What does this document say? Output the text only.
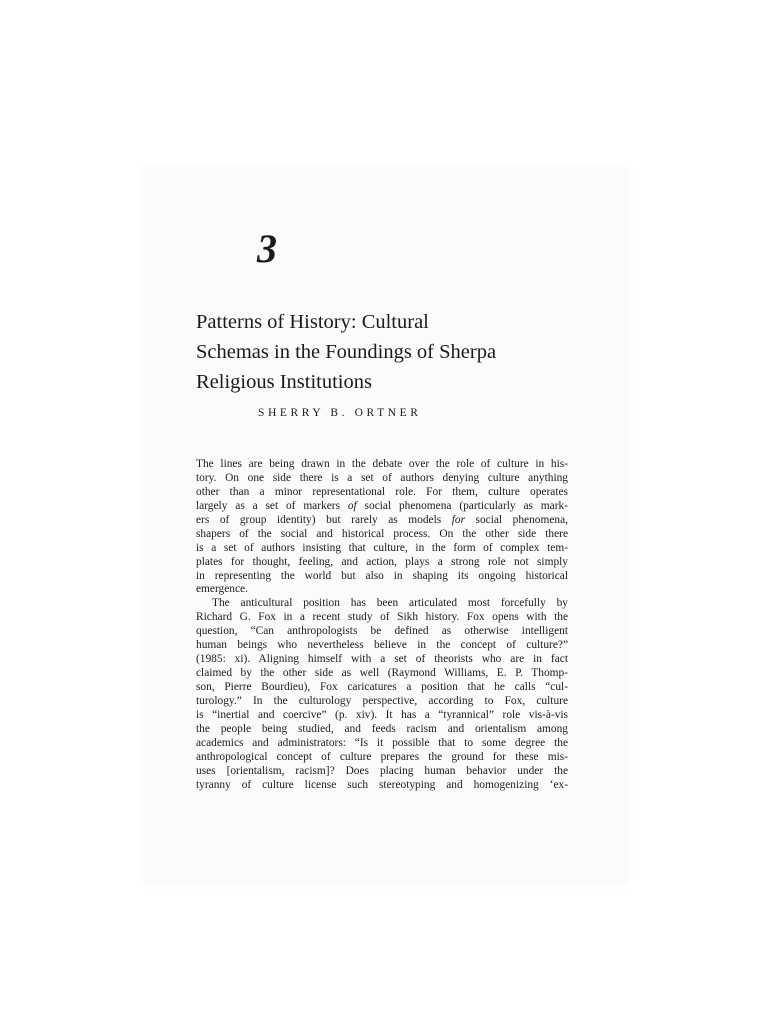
3
Patterns of History: Cultural
Schemas in the Foundings of Sherpa
Religious Institutions

SHERRY B. ORTNER

The lines are being drawn in the debate over the role of culture in his-
tory. On one side there is a set of authors denying culture anything
other than a minor representational role. For them, culture operates
largely as a set of markers of social phenomena (particularly as mark-
ers of group identity) but rarely as models for social phenomena,
shapers of the social and historical process. On the other side there
is a set of authors insisting that culture, in the form of complex tem-
plates for thought, feeling, and action, plays a strong role not simply
in representing the world but also in shaping its ongoing historical
emergence.
The anticultural position has been articulated most forcefully by
Richard G. Fox in a recent study of Sikh history. Fox opens with the
question, “Can anthropologists be defined as otherwise intelligent
human beings who nevertheless believe in the concept of culture?”
(1985: xi). Aligning himself with a set of theorists who are in fact
claimed by the other side as well (Raymond Williams, E. P. Thomp-
son, Pierre Bourdieu), Fox caricatures a position that he calls “cul-
turology.” In the culturology perspective, according to Fox, culture
is “inertial and coercive” (p. xiv). It has a “tyrannical” role vis-à-vis
the people being studied, and feeds racism and orientalism among
academics and administrators: “Is it possible that to some degree the
anthropological concept of culture prepares the ground for these mis-
uses [orientalism, racism]? Does placing human behavior under the
tyranny of culture license such stereotyping and homogenizing ‘ex-
